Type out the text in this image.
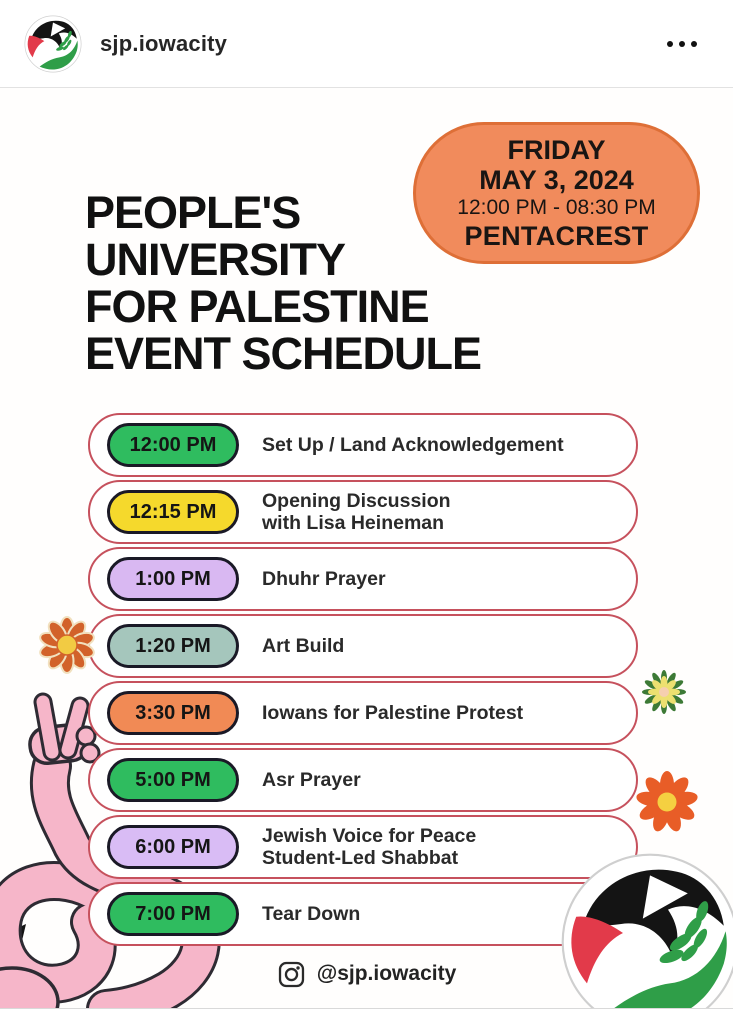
sjp.iowacity
FRIDAY
MAY 3, 2024
12:00 PM - 08:30 PM
PENTACREST
PEOPLE'S
UNIVERSITY
FOR PALESTINE
EVENT SCHEDULE
12:00 PM	Set Up / Land Acknowledgement
12:15 PM	Opening Discussion
with Lisa Heineman
1:00 PM	Dhuhr Prayer
1:20 PM	Art Build
3:30 PM	Iowans for Palestine Protest
5:00 PM	Asr Prayer
6:00 PM	Jewish Voice for Peace
Student-Led Shabbat
7:00 PM	Tear Down
@sjp.iowacity
